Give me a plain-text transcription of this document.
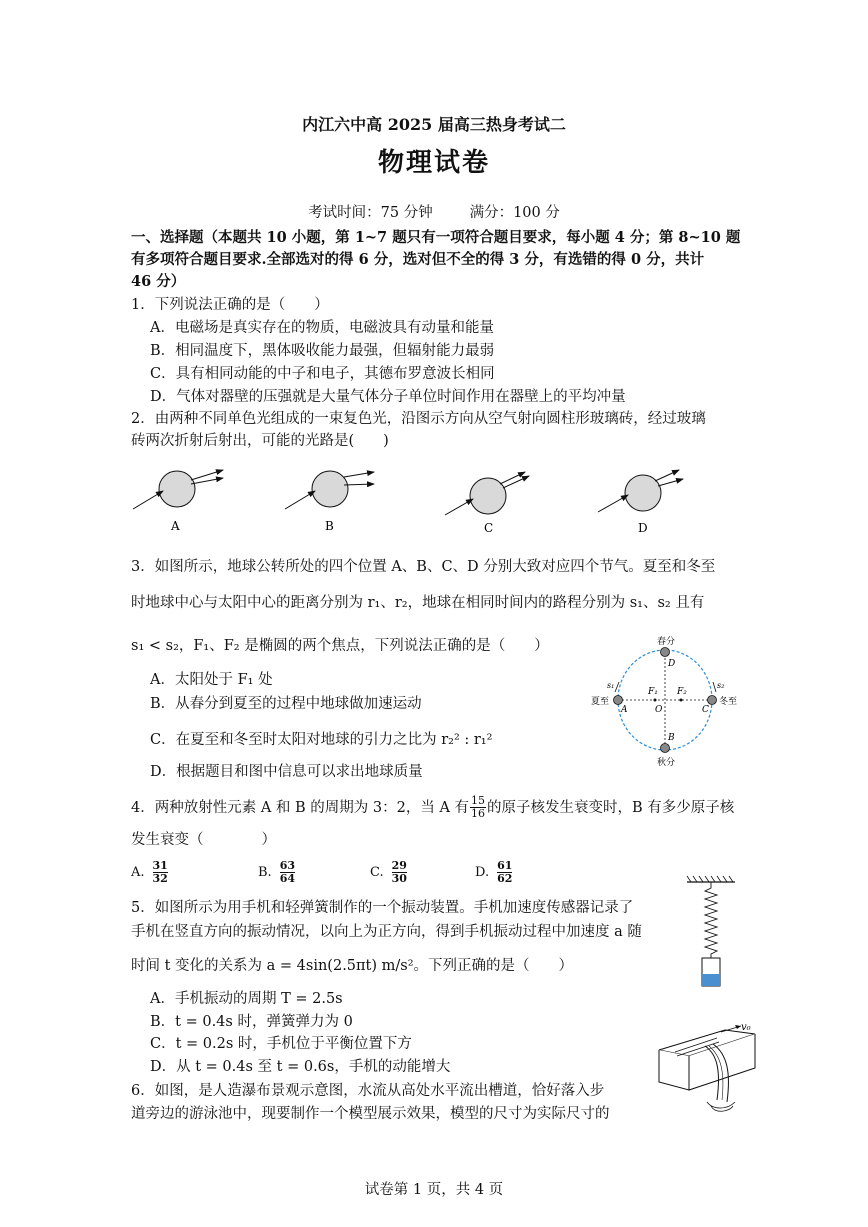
内江六中高 2025 届高三热身考试二
物理试卷
考试时间：75 分钟        满分：100 分
一、选择题（本题共 10 小题，第 1~7 题只有一项符合题目要求，每小题 4 分；第 8~10 题
有多项符合题目要求.全部选对的得 6 分，选对但不全的得 3 分，有选错的得 0 分，共计
46 分）
1．下列说法正确的是（　　）
A．电磁场是真实存在的物质，电磁波具有动量和能量
B．相同温度下，黑体吸收能力最强，但辐射能力最弱
C．具有相同动能的中子和电子，其德布罗意波长相同
D．气体对器壁的压强就是大量气体分子单位时间作用在器壁上的平均冲量
2．由两种不同单色光组成的一束复色光，沿图示方向从空气射向圆柱形玻璃砖，经过玻璃
砖两次折射后射出，可能的光路是(　　)
A	B	C	D
3．如图所示，地球公转所处的四个位置 A、B、C、D 分别大致对应四个节气。夏至和冬至
时地球中心与太阳中心的距离分别为 r₁、r₂，地球在相同时间内的路程分别为 s₁、s₂ 且有
s₁ < s₂，F₁、F₂ 是椭圆的两个焦点，下列说法正确的是（　　）
A．太阳处于 F₁ 处
B．从春分到夏至的过程中地球做加速运动
C．在夏至和冬至时太阳对地球的引力之比为 r₂² : r₁²
D．根据题目和图中信息可以求出地球质量
春分
秋分
夏至	冬至
D
B
A	C
O
F₁ F₂
s₁	s₂
4．两种放射性元素 A 和 B 的周期为 3：2，当 A 有 $\frac{15}{16}$ 的原子核发生衰变时，B 有多少原子核
发生衰变（　　　　）
A. $\frac{31}{32}$	B. $\frac{63}{64}$	C. $\frac{29}{30}$	D. $\frac{61}{62}$
5．如图所示为用手机和轻弹簧制作的一个振动装置。手机加速度传感器记录了
手机在竖直方向的振动情况，以向上为正方向，得到手机振动过程中加速度 a 随
时间 t 变化的关系为 a = 4sin(2.5πt) m/s²。下列正确的是（　　）
A．手机振动的周期 T = 2.5s
B．t = 0.4s 时，弹簧弹力为 0
C．t = 0.2s 时，手机位于平衡位置下方
D．从 t = 0.4s 至 t = 0.6s，手机的动能增大
6．如图，是人造瀑布景观示意图，水流从高处水平流出槽道，恰好落入步
道旁边的游泳池中，现要制作一个模型展示效果，模型的尺寸为实际尺寸的
v₀
试卷第 1 页，共 4 页
